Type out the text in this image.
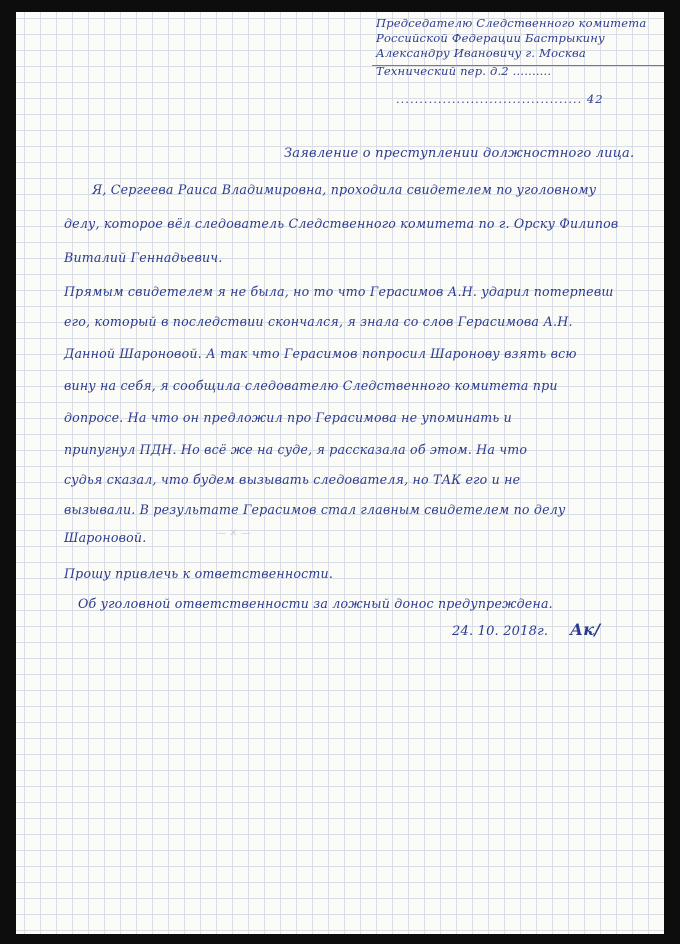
Председателю Следственного комитета
Российской Федерации Бастрыкину
Александру Ивановичу г. Москва
Технический пер. д.2 ..........
........................................ 42
Заявление о преступлении должностного лица.
Я, Сергеева Раиса Владимировна, проходила свидетелем по уголовному
делу, которое вёл следователь Следственного комитета по г. Орску Филипов
Виталий Геннадьевич.
Прямым свидетелем я не была, но то что Герасимов А.Н. ударил потерпевш
его, который в последствии скончался, я знала со слов Герасимова А.Н.
Данной Шароновой. А так что Герасимов попросил Шаронову взять всю
вину на себя, я сообщила следователю Следственного комитета при
допросе. На что он предложил про Герасимова не упоминать и
припугнул ПДН. Но всё же на суде, я рассказала об этом. На что
судья сказал, что будем вызывать следователя, но ТАК его и не
вызывали. В результате Герасимов стал главным свидетелем по делу
Шароновой.	— ✕ —
Прошу привлечь к ответственности.
Об уголовной ответственности за ложный донос предупреждена.
24. 10. 2018г. Ак/
